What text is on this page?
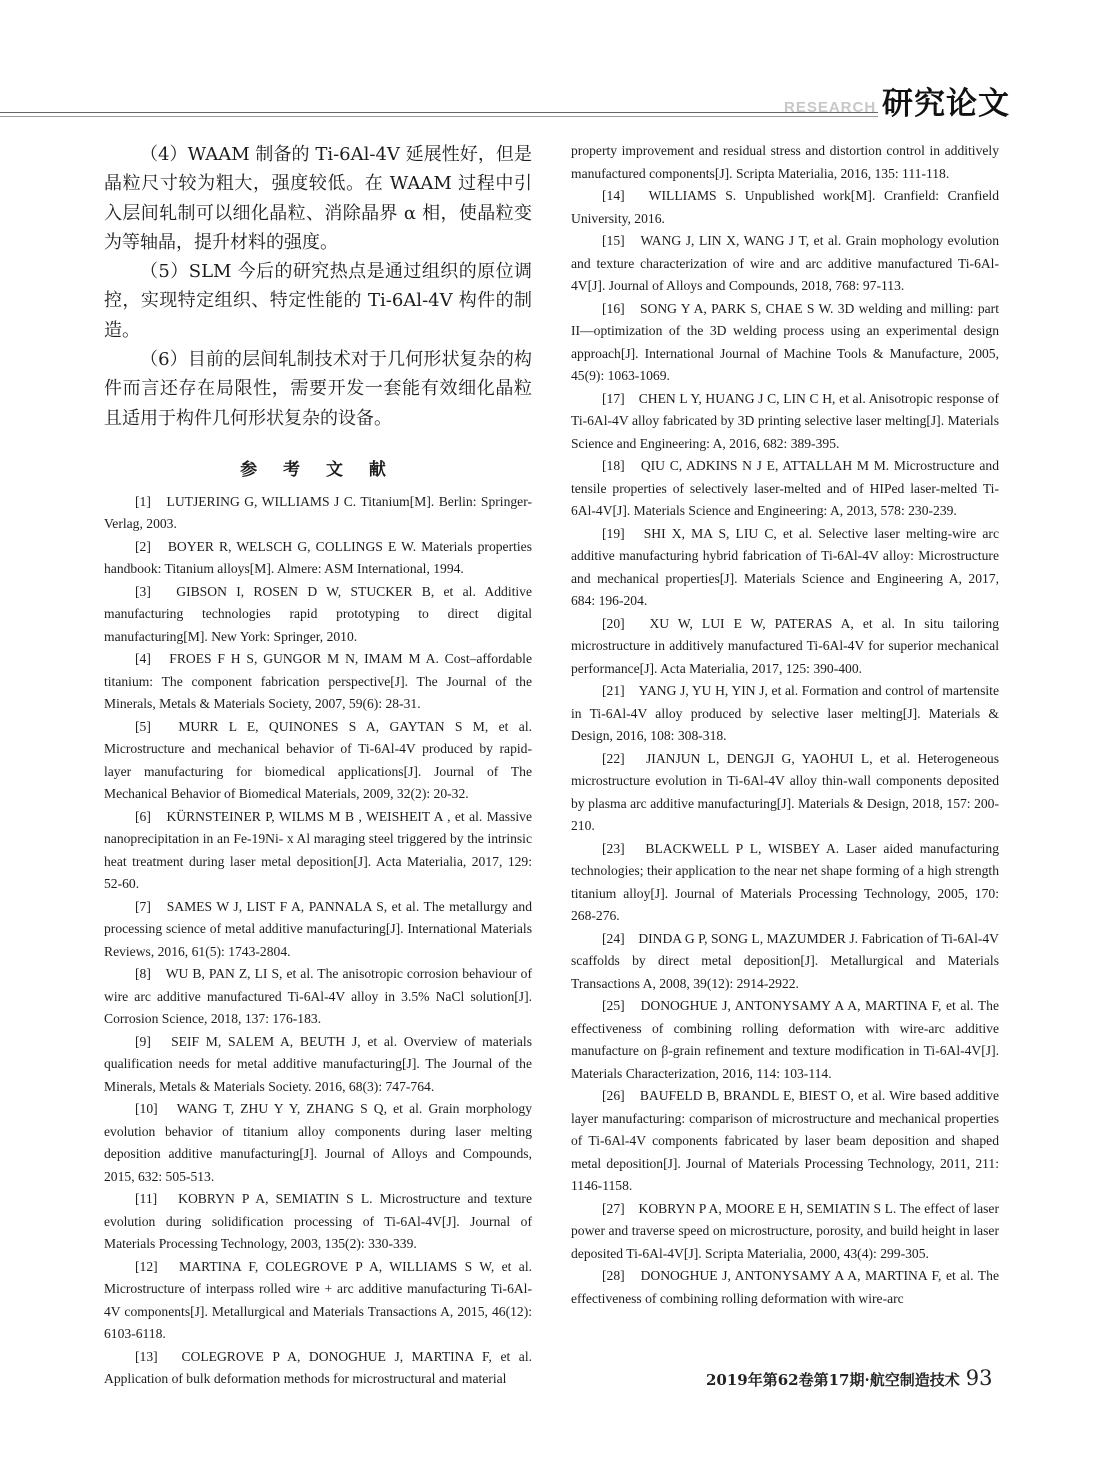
RESEARCH 研究论文

（4）WAAM 制备的 Ti-6Al-4V 延展性好，但是晶粒尺寸较为粗大，强度较低。在 WAAM 过程中引入层间轧制可以细化晶粒、消除晶界 α 相，使晶粒变为等轴晶，提升材料的强度。

（5）SLM 今后的研究热点是通过组织的原位调控，实现特定组织、特定性能的 Ti-6Al-4V 构件的制造。

（6）目前的层间轧制技术对于几何形状复杂的构件而言还存在局限性，需要开发一套能有效细化晶粒且适用于构件几何形状复杂的设备。

参 考 文 献

[1]　LUTJERING G, WILLIAMS J C. Titanium[M]. Berlin: Springer-Verlag, 2003.

[2]　BOYER R, WELSCH G, COLLINGS E W. Materials properties handbook: Titanium alloys[M]. Almere: ASM International, 1994.

[3]　GIBSON I, ROSEN D W, STUCKER B, et al. Additive manufacturing technologies rapid prototyping to direct digital manufacturing[M]. New York: Springer, 2010.

[4]　FROES F H S, GUNGOR M N, IMAM M A. Cost–affordable titanium: The component fabrication perspective[J]. The Journal of the Minerals, Metals & Materials Society, 2007, 59(6): 28-31.

[5]　MURR L E, QUINONES S A, GAYTAN S M, et al. Microstructure and mechanical behavior of Ti-6Al-4V produced by rapid-layer manufacturing for biomedical applications[J]. Journal of The Mechanical Behavior of Biomedical Materials, 2009, 32(2): 20-32.

[6]　KÜRNSTEINER P, WILMS M B , WEISHEIT A , et al. Massive nanoprecipitation in an Fe-19Ni- x Al maraging steel triggered by the intrinsic heat treatment during laser metal deposition[J]. Acta Materialia, 2017, 129: 52-60.

[7]　SAMES W J, LIST F A, PANNALA S, et al. The metallurgy and processing science of metal additive manufacturing[J]. International Materials Reviews, 2016, 61(5): 1743-2804.

[8]　WU B, PAN Z, LI S, et al. The anisotropic corrosion behaviour of wire arc additive manufactured Ti-6Al-4V alloy in 3.5% NaCl solution[J]. Corrosion Science, 2018, 137: 176-183.

[9]　SEIF M, SALEM A, BEUTH J, et al. Overview of materials qualification needs for metal additive manufacturing[J]. The Journal of the Minerals, Metals & Materials Society. 2016, 68(3): 747-764.

[10]　WANG T, ZHU Y Y, ZHANG S Q, et al. Grain morphology evolution behavior of titanium alloy components during laser melting deposition additive manufacturing[J]. Journal of Alloys and Compounds, 2015, 632: 505-513.

[11]　KOBRYN P A, SEMIATIN S L. Microstructure and texture evolution during solidification processing of Ti-6Al-4V[J]. Journal of Materials Processing Technology, 2003, 135(2): 330-339.

[12]　MARTINA F, COLEGROVE P A, WILLIAMS S W, et al. Microstructure of interpass rolled wire + arc additive manufacturing Ti-6Al-4V components[J]. Metallurgical and Materials Transactions A, 2015, 46(12): 6103-6118.

[13]　COLEGROVE P A, DONOGHUE J, MARTINA F, et al. Application of bulk deformation methods for microstructural and material

property improvement and residual stress and distortion control in additively manufactured components[J]. Scripta Materialia, 2016, 135: 111-118.

[14]　WILLIAMS S. Unpublished work[M]. Cranfield: Cranfield University, 2016.

[15]　WANG J, LIN X, WANG J T, et al. Grain mophology evolution and texture characterization of wire and arc additive manufactured Ti-6Al-4V[J]. Journal of Alloys and Compounds, 2018, 768: 97-113.

[16]　SONG Y A, PARK S, CHAE S W. 3D welding and milling: part II—optimization of the 3D welding process using an experimental design approach[J]. International Journal of Machine Tools & Manufacture, 2005, 45(9): 1063-1069.

[17]　CHEN L Y, HUANG J C, LIN C H, et al. Anisotropic response of Ti-6Al-4V alloy fabricated by 3D printing selective laser melting[J]. Materials Science and Engineering: A, 2016, 682: 389-395.

[18]　QIU C, ADKINS N J E, ATTALLAH M M. Microstructure and tensile properties of selectively laser-melted and of HIPed laser-melted Ti-6Al-4V[J]. Materials Science and Engineering: A, 2013, 578: 230-239.

[19]　SHI X, MA S, LIU C, et al. Selective laser melting-wire arc additive manufacturing hybrid fabrication of Ti-6Al-4V alloy: Microstructure and mechanical properties[J]. Materials Science and Engineering A, 2017, 684: 196-204.

[20]　XU W, LUI E W, PATERAS A, et al. In situ tailoring microstructure in additively manufactured Ti-6Al-4V for superior mechanical performance[J]. Acta Materialia, 2017, 125: 390-400.

[21]　YANG J, YU H, YIN J, et al. Formation and control of martensite in Ti-6Al-4V alloy produced by selective laser melting[J]. Materials & Design, 2016, 108: 308-318.

[22]　JIANJUN L, DENGJI G, YAOHUI L, et al. Heterogeneous microstructure evolution in Ti-6Al-4V alloy thin-wall components deposited by plasma arc additive manufacturing[J]. Materials & Design, 2018, 157: 200-210.

[23]　BLACKWELL P L, WISBEY A. Laser aided manufacturing technologies; their application to the near net shape forming of a high strength titanium alloy[J]. Journal of Materials Processing Technology, 2005, 170: 268-276.

[24]　DINDA G P, SONG L, MAZUMDER J. Fabrication of Ti-6Al-4V scaffolds by direct metal deposition[J]. Metallurgical and Materials Transactions A, 2008, 39(12): 2914-2922.

[25]　DONOGHUE J, ANTONYSAMY A A, MARTINA F, et al. The effectiveness of combining rolling deformation with wire-arc additive manufacture on β-grain refinement and texture modification in Ti-6Al-4V[J]. Materials Characterization, 2016, 114: 103-114.

[26]　BAUFELD B, BRANDL E, BIEST O, et al. Wire based additive layer manufacturing: comparison of microstructure and mechanical properties of Ti-6Al-4V components fabricated by laser beam deposition and shaped metal deposition[J]. Journal of Materials Processing Technology, 2011, 211: 1146-1158.

[27]　KOBRYN P A, MOORE E H, SEMIATIN S L. The effect of laser power and traverse speed on microstructure, porosity, and build height in laser deposited Ti-6Al-4V[J]. Scripta Materialia, 2000, 43(4): 299-305.

[28]　DONOGHUE J, ANTONYSAMY A A, MARTINA F, et al. The effectiveness of combining rolling deformation with wire-arc

2019年第62卷第17期·航空制造技术 93
